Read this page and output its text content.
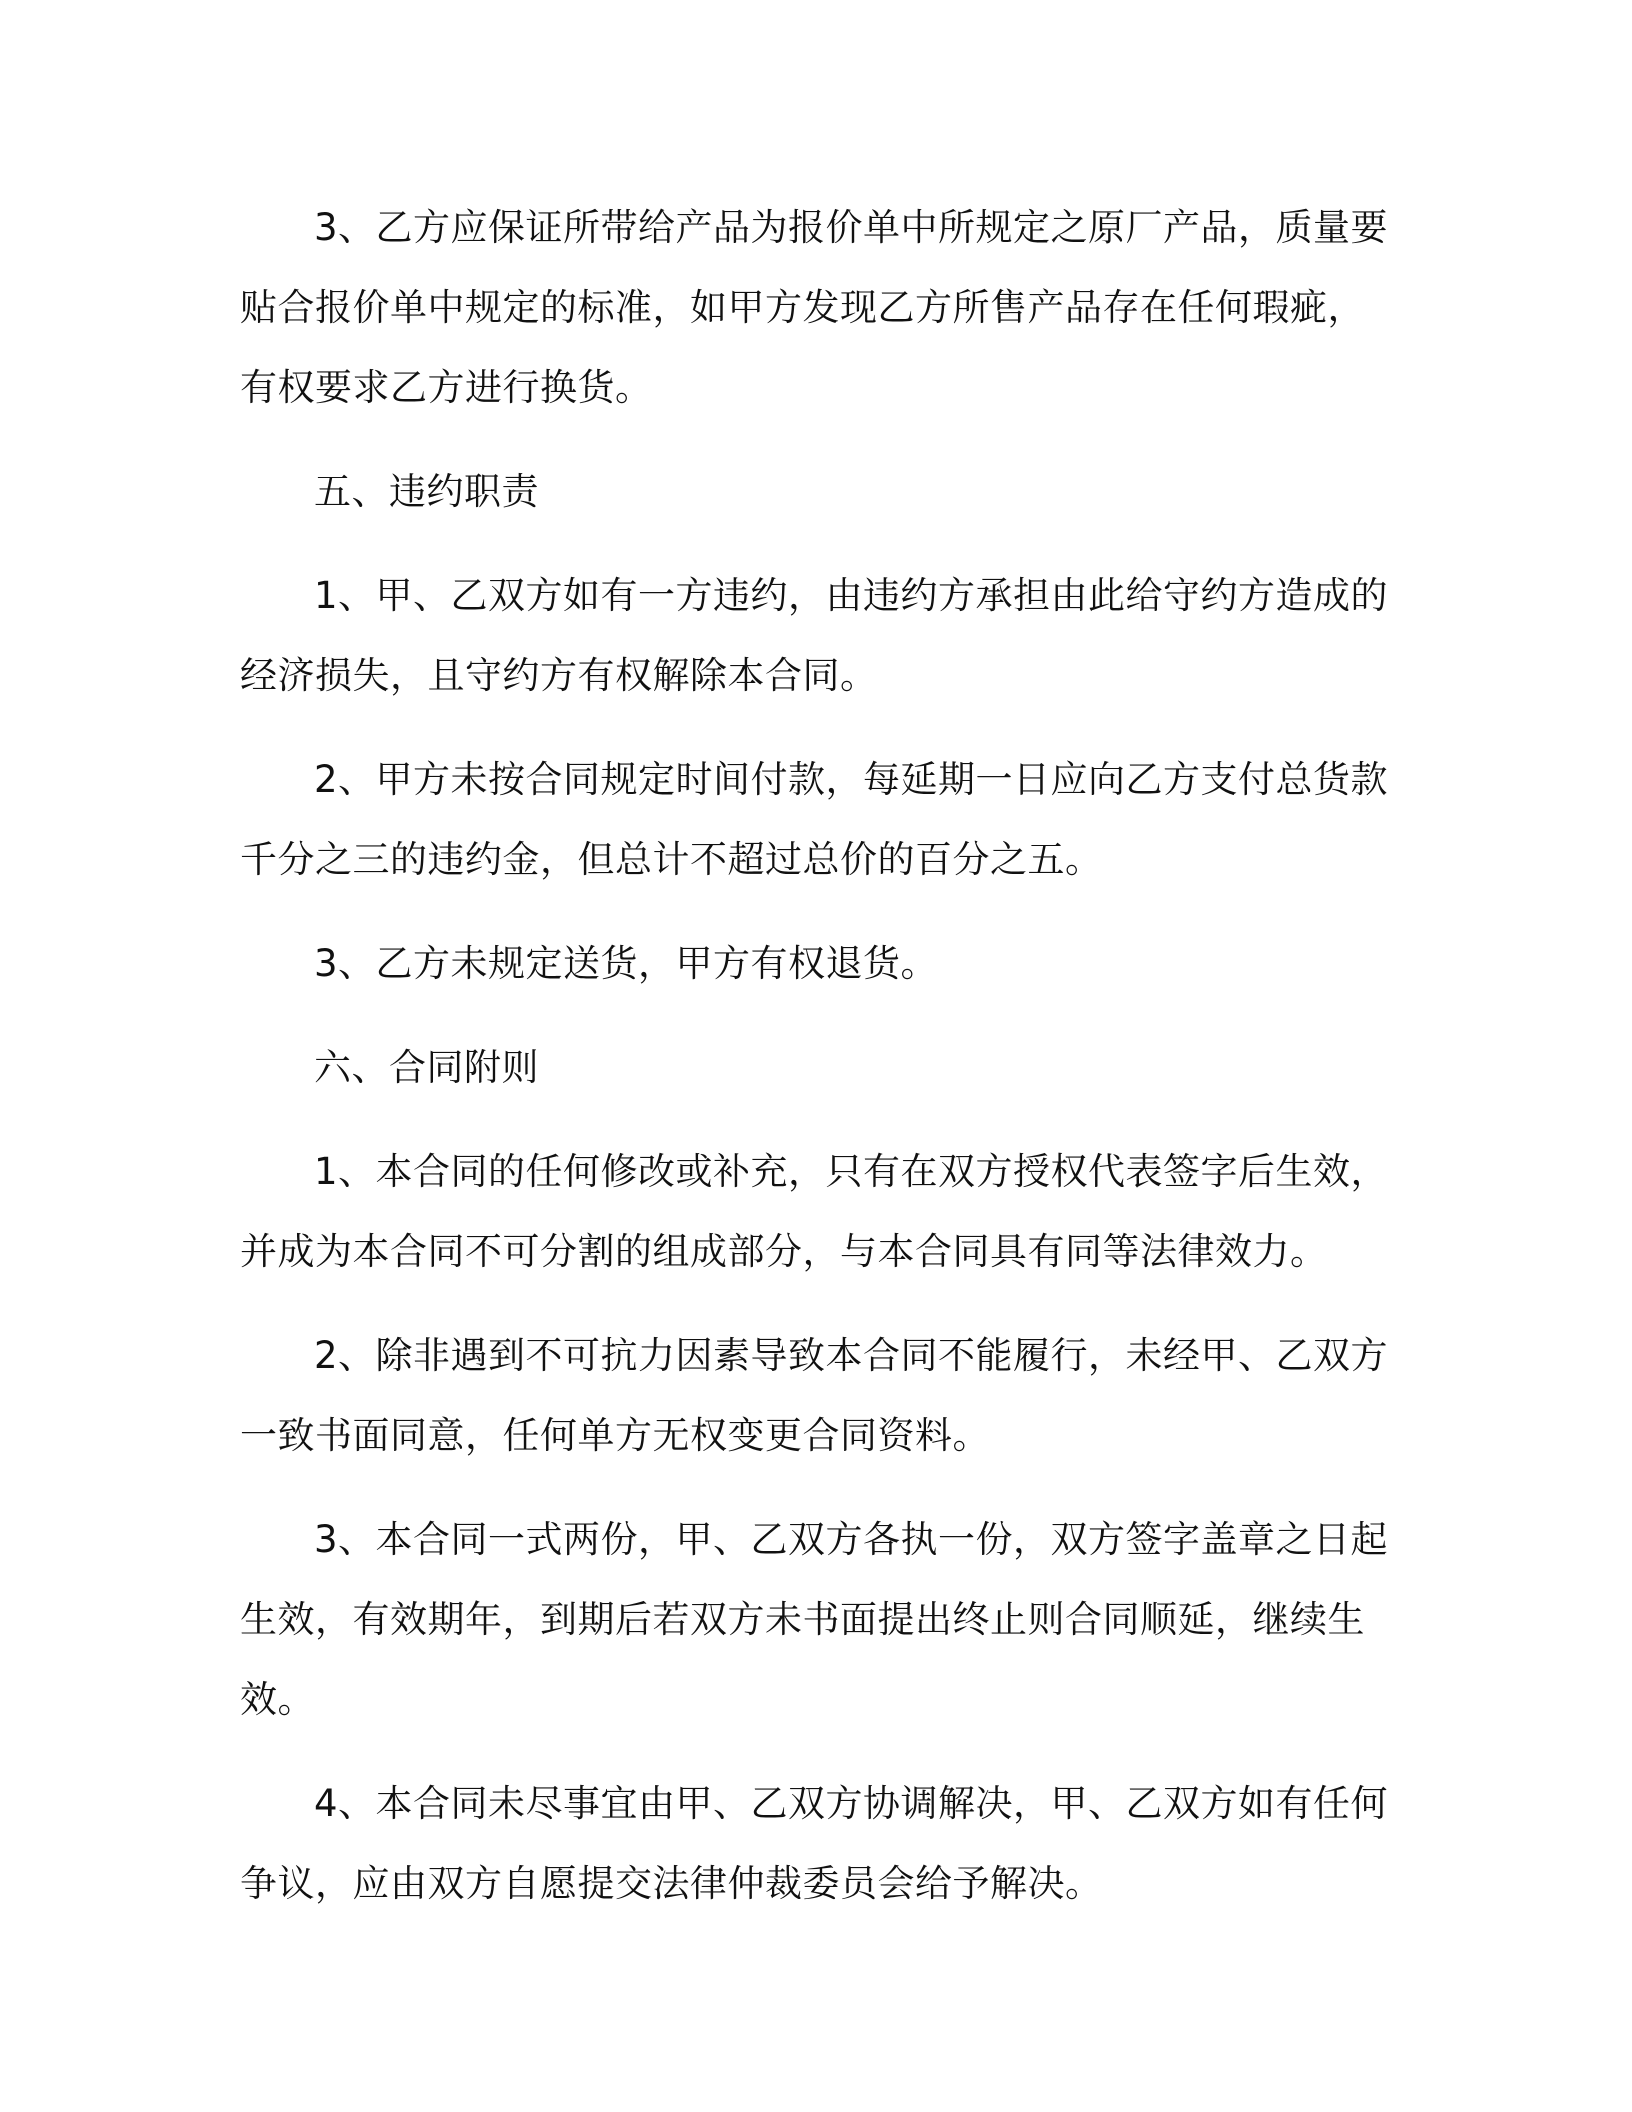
3、乙方应保证所带给产品为报价单中所规定之原厂产品，质量要贴合报价单中规定的标准，如甲方发现乙方所售产品存在任何瑕疵，有权要求乙方进行换货。

五、违约职责

1、甲、乙双方如有一方违约，由违约方承担由此给守约方造成的经济损失，且守约方有权解除本合同。

2、甲方未按合同规定时间付款，每延期一日应向乙方支付总货款千分之三的违约金，但总计不超过总价的百分之五。

3、乙方未规定送货，甲方有权退货。

六、合同附则

1、本合同的任何修改或补充，只有在双方授权代表签字后生效，并成为本合同不可分割的组成部分，与本合同具有同等法律效力。

2、除非遇到不可抗力因素导致本合同不能履行，未经甲、乙双方一致书面同意，任何单方无权变更合同资料。

3、本合同一式两份，甲、乙双方各执一份，双方签字盖章之日起生效，有效期年，到期后若双方未书面提出终止则合同顺延，继续生效。

4、本合同未尽事宜由甲、乙双方协调解决，甲、乙双方如有任何争议，应由双方自愿提交法律仲裁委员会给予解决。
